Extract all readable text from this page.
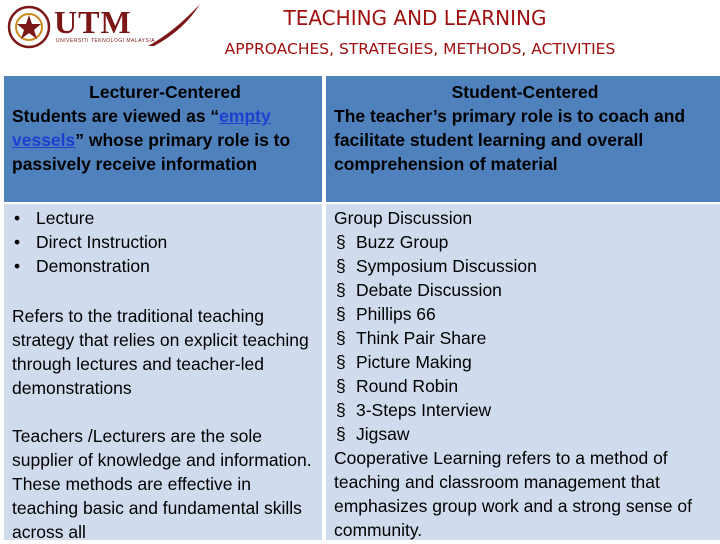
UTM
UNIVERSITI TEKNOLOGI MALAYSIA
TEACHING AND LEARNING
APPROACHES, STRATEGIES, METHODS, ACTIVITIES
Lecturer-Centered
Students are viewed as “empty vessels” whose primary role is to passively receive information
Student-Centered
The teacher’s primary role is to coach and facilitate student learning and overall comprehension of material
• Lecture
• Direct Instruction
• Demonstration

Refers to the traditional teaching strategy that relies on explicit teaching through lectures and teacher-led demonstrations

Teachers /Lecturers are the sole supplier of knowledge and information. These methods are effective in teaching basic and fundamental skills across all

Group Discussion
§ Buzz Group
§ Symposium Discussion
§ Debate Discussion
§ Phillips 66
§ Think Pair Share
§ Picture Making
§ Round Robin
§ 3-Steps Interview
§ Jigsaw

Cooperative Learning refers to a method of teaching and classroom management that emphasizes group work and a strong sense of community.
